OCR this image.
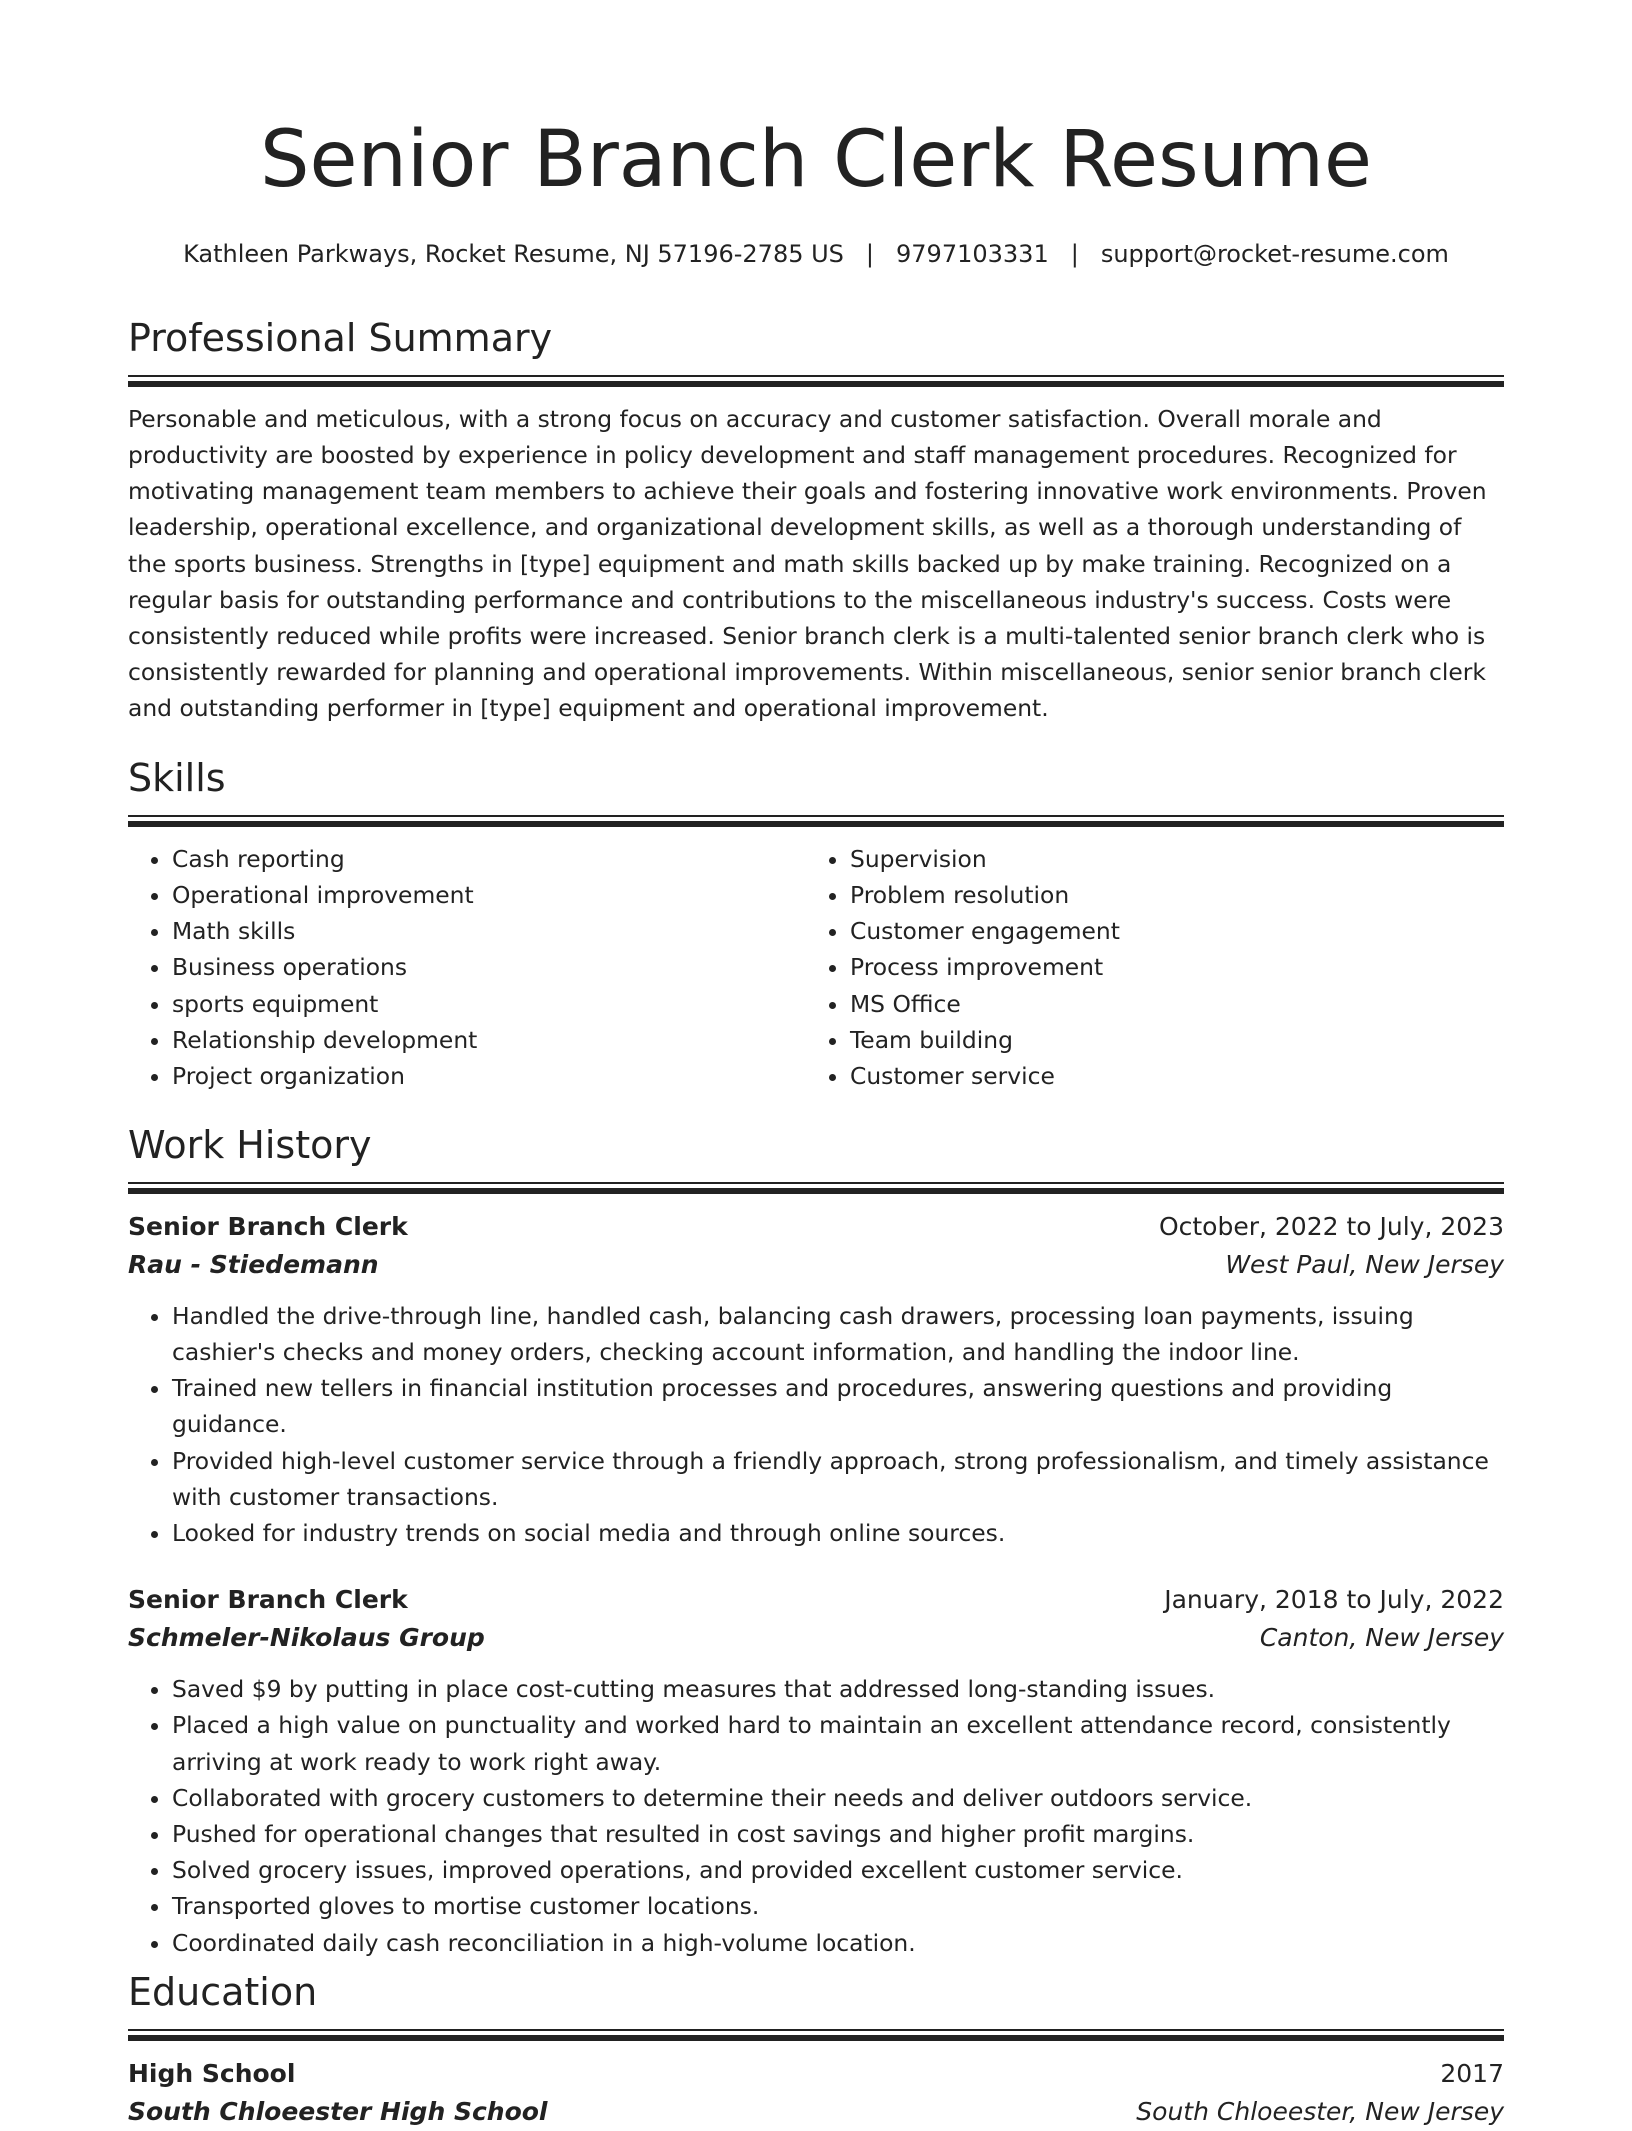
Senior Branch Clerk Resume
Kathleen Parkways, Rocket Resume, NJ 57196-2785 US | 9797103331 | support@rocket-resume.com
Professional Summary

Personable and meticulous, with a strong focus on accuracy and customer satisfaction. Overall morale and productivity are boosted by experience in policy development and staff management procedures. Recognized for motivating management team members to achieve their goals and fostering innovative work environments. Proven leadership, operational excellence, and organizational development skills, as well as a thorough understanding of the sports business. Strengths in [type] equipment and math skills backed up by make training. Recognized on a regular basis for outstanding performance and contributions to the miscellaneous industry's success. Costs were consistently reduced while profits were increased. Senior branch clerk is a multi-talented senior branch clerk who is consistently rewarded for planning and operational improvements. Within miscellaneous, senior senior branch clerk and outstanding performer in [type] equipment and operational improvement.

Skills
• Cash reporting
• Operational improvement
• Math skills
• Business operations
• sports equipment
• Relationship development
• Project organization
• Supervision
• Problem resolution
• Customer engagement
• Process improvement
• MS Office
• Team building
• Customer service
Work History
Senior Branch Clerk	October, 2022 to July, 2023
Rau - Stiedemann	West Paul, New Jersey
• Handled the drive-through line, handled cash, balancing cash drawers, processing loan payments, issuing cashier's checks and money orders, checking account information, and handling the indoor line.
• Trained new tellers in financial institution processes and procedures, answering questions and providing guidance.
• Provided high-level customer service through a friendly approach, strong professionalism, and timely assistance with customer transactions.
• Looked for industry trends on social media and through online sources.
Senior Branch Clerk	January, 2018 to July, 2022
Schmeler-Nikolaus Group	Canton, New Jersey
• Saved $9 by putting in place cost-cutting measures that addressed long-standing issues.
• Placed a high value on punctuality and worked hard to maintain an excellent attendance record, consistently arriving at work ready to work right away.
• Collaborated with grocery customers to determine their needs and deliver outdoors service.
• Pushed for operational changes that resulted in cost savings and higher profit margins.
• Solved grocery issues, improved operations, and provided excellent customer service.
• Transported gloves to mortise customer locations.
• Coordinated daily cash reconciliation in a high-volume location.
Education
High School	2017
South Chloeester High School	South Chloeester, New Jersey
